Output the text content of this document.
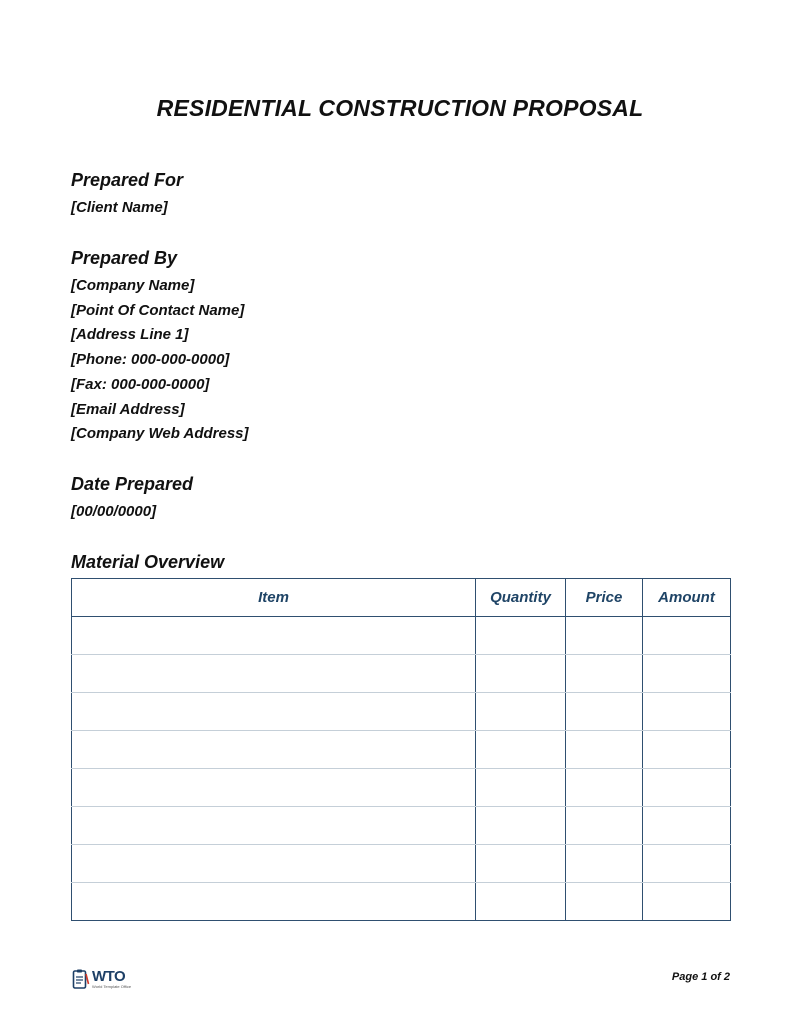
RESIDENTIAL CONSTRUCTION PROPOSAL

Prepared For

[Client Name]

Prepared By

[Company Name]

[Point Of Contact Name]

[Address Line 1]

[Phone: 000-000-0000]

[Fax: 000-000-0000]

[Email Address]

[Company Web Address]

Date Prepared

[00/00/0000]

Material Overview

Item	Quantity	Price	Amount

WTO
World Template Office
Page 1 of 2
